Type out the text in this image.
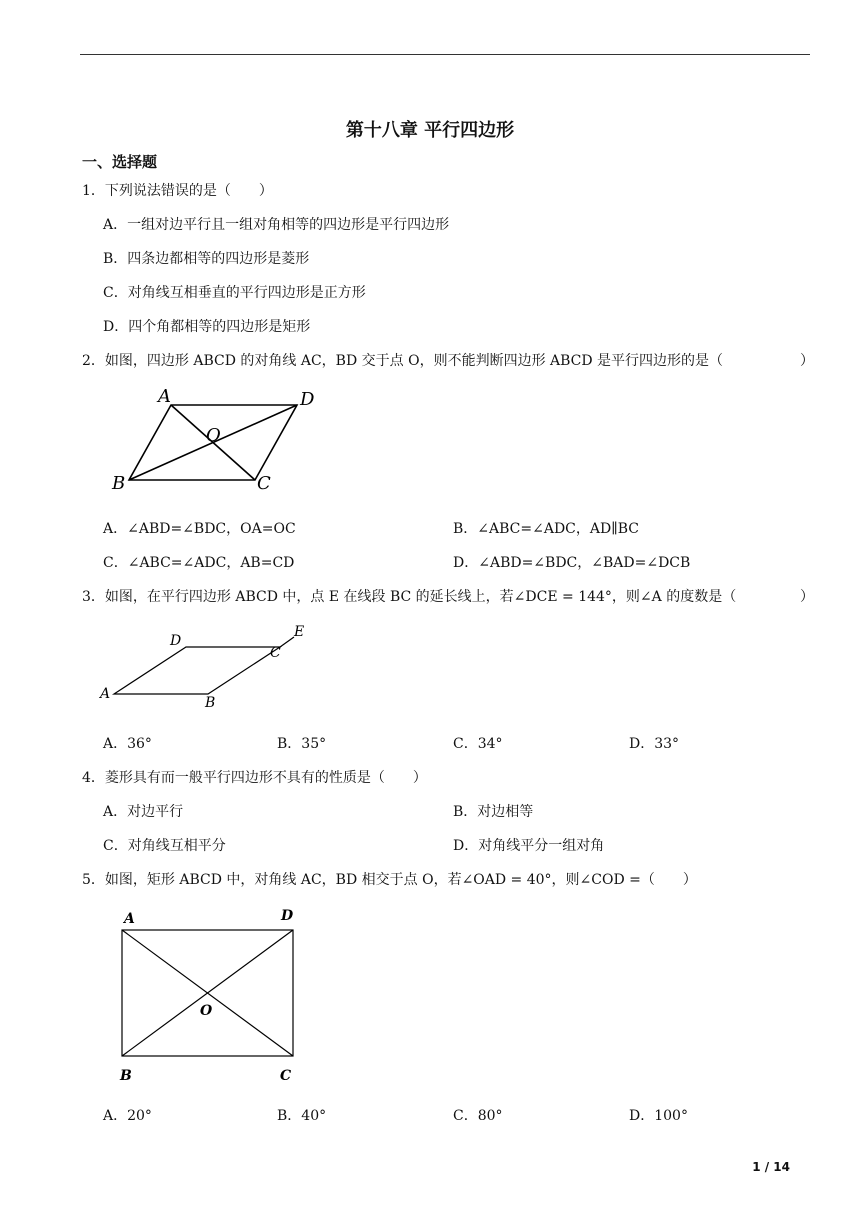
第十八章 平行四边形
一、选择题
1．下列说法错误的是（　　）
A．一组对边平行且一组对角相等的四边形是平行四边形
B．四条边都相等的四边形是菱形
C．对角线互相垂直的平行四边形是正方形
D．四个角都相等的四边形是矩形
2．如图，四边形 ABCD 的对角线 AC，BD 交于点 O，则不能判断四边形 ABCD 是平行四边形的是（	）
A	D
O
B	C
A．∠ABD=∠BDC，OA=OC	B．∠ABC=∠ADC，AD∥BC
C．∠ABC=∠ADC，AB=CD	D．∠ABD=∠BDC，∠BAD=∠DCB
3．如图，在平行四边形 ABCD 中，点 E 在线段 BC 的延长线上，若∠DCE = 144°，则∠A 的度数是（	）
D
E
C
A
B
A．36°	B．35°	C．34°	D．33°
4．菱形具有而一般平行四边形不具有的性质是（　　）
A．对边平行	B．对边相等
C．对角线互相平分	D．对角线平分一组对角
5．如图，矩形 ABCD 中，对角线 AC，BD 相交于点 O，若∠OAD = 40°，则∠COD =（　　）
A	D
O
B	C
A．20°	B．40°	C．80°	D．100°
1 / 14
